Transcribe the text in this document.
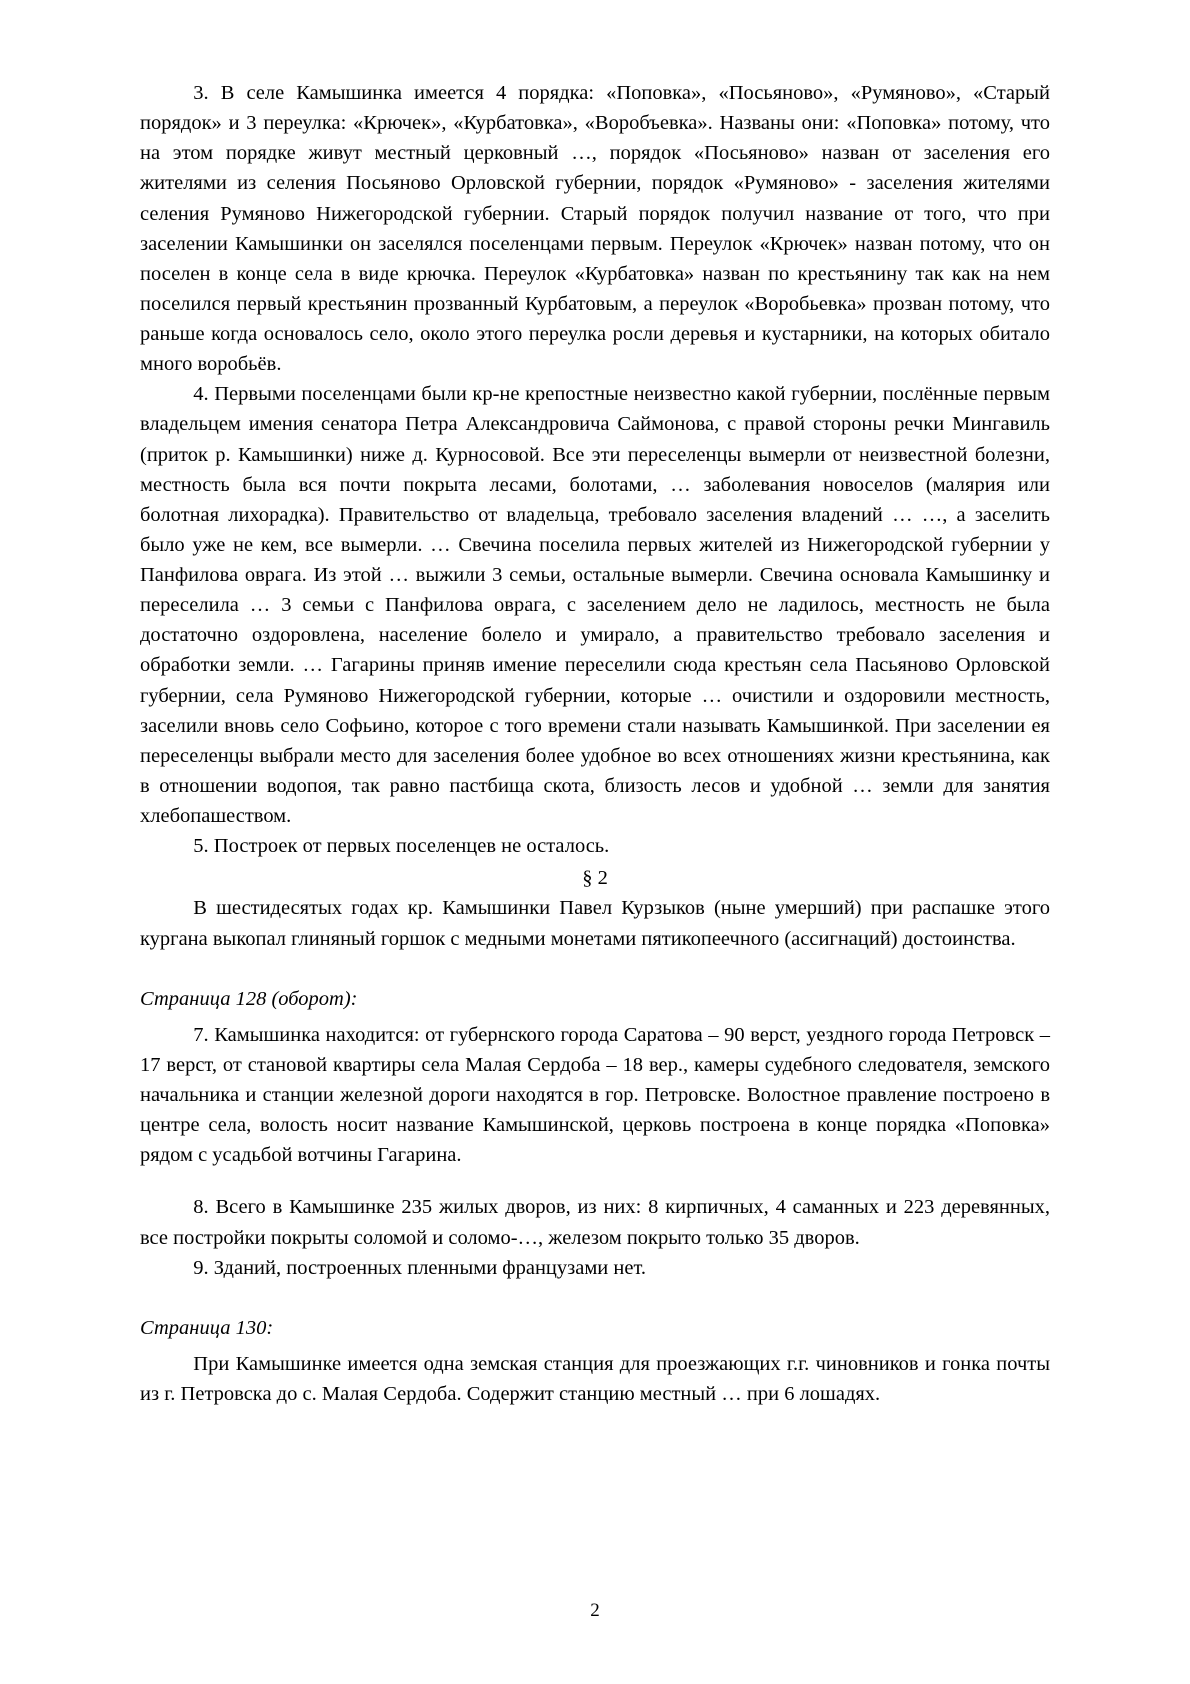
3. В селе Камышинка имеется 4 порядка: «Поповка», «Посьяново», «Румяново», «Старый порядок» и 3 переулка: «Крючек», «Курбатовка», «Воробъевка». Названы они: «Поповка» потому, что на этом порядке живут местный церковный …, порядок «Посьяново» назван от заселения его жителями из селения Посьяново Орловской губернии, порядок «Румяново» - заселения жителями селения Румяново Нижегородской губернии. Старый порядок получил название от того, что при заселении Камышинки он заселялся поселенцами первым. Переулок «Крючек» назван потому, что он поселен в конце села в виде крючка. Переулок «Курбатовка» назван по крестьянину так как на нем поселился первый крестьянин прозванный Курбатовым, а переулок «Воробьевка» прозван потому, что раньше когда основалось село, около этого переулка росли деревья и кустарники, на которых обитало много воробьёв.

4. Первыми поселенцами были кр-не крепостные неизвестно какой губернии, послённые первым владельцем имения сенатора Петра Александровича Саймонова, с правой стороны речки Мингавиль (приток р. Камышинки) ниже д. Курносовой. Все эти переселенцы вымерли от неизвестной болезни, местность была вся почти покрыта лесами, болотами, … заболевания новоселов (малярия или болотная лихорадка). Правительство от владельца, требовало заселения владений … …, а заселить было уже не кем, все вымерли. … Свечина поселила первых жителей из Нижегородской губернии у Панфилова оврага. Из этой … выжили 3 семьи, остальные вымерли. Свечина основала Камышинку и переселила … 3 семьи с Панфилова оврага, с заселением дело не ладилось, местность не была достаточно оздоровлена, население болело и умирало, а правительство требовало заселения и обработки земли. … Гагарины приняв имение переселили сюда крестьян села Пасьяново Орловской губернии, села Румяново Нижегородской губернии, которые … очистили и оздоровили местность, заселили вновь село Софьино, которое с того времени стали называть Камышинкой. При заселении ея переселенцы выбрали место для заселения более удобное во всех отношениях жизни крестьянина, как в отношении водопоя, так равно пастбища скота, близость лесов и удобной … земли для занятия хлебопашеством.

5. Построек от первых поселенцев не осталось.

§ 2

В шестидесятых годах кр. Камышинки Павел Курзыков (ныне умерший) при распашке этого кургана выкопал глиняный горшок с медными монетами пятикопеечного (ассигнаций) достоинства.

Страница 128 (оборот):

7. Камышинка находится: от губернского города Саратова – 90 верст, уездного города Петровск – 17 верст, от становой квартиры села Малая Сердоба – 18 вер., камеры судебного следователя, земского начальника и станции железной дороги находятся в гор. Петровске. Волостное правление построено в центре села, волость носит название Камышинской, церковь построена в конце порядка «Поповка» рядом с усадьбой вотчины Гагарина.

8. Всего в Камышинке 235 жилых дворов, из них: 8 кирпичных, 4 саманных и 223 деревянных, все постройки покрыты соломой и соломо-…, железом покрыто только 35 дворов.

9. Зданий, построенных пленными французами нет.

Страница 130:

При Камышинке имеется одна земская станция для проезжающих г.г. чиновников и гонка почты из г. Петровска до с. Малая Сердоба. Содержит станцию местный … при 6 лошадях.

2
